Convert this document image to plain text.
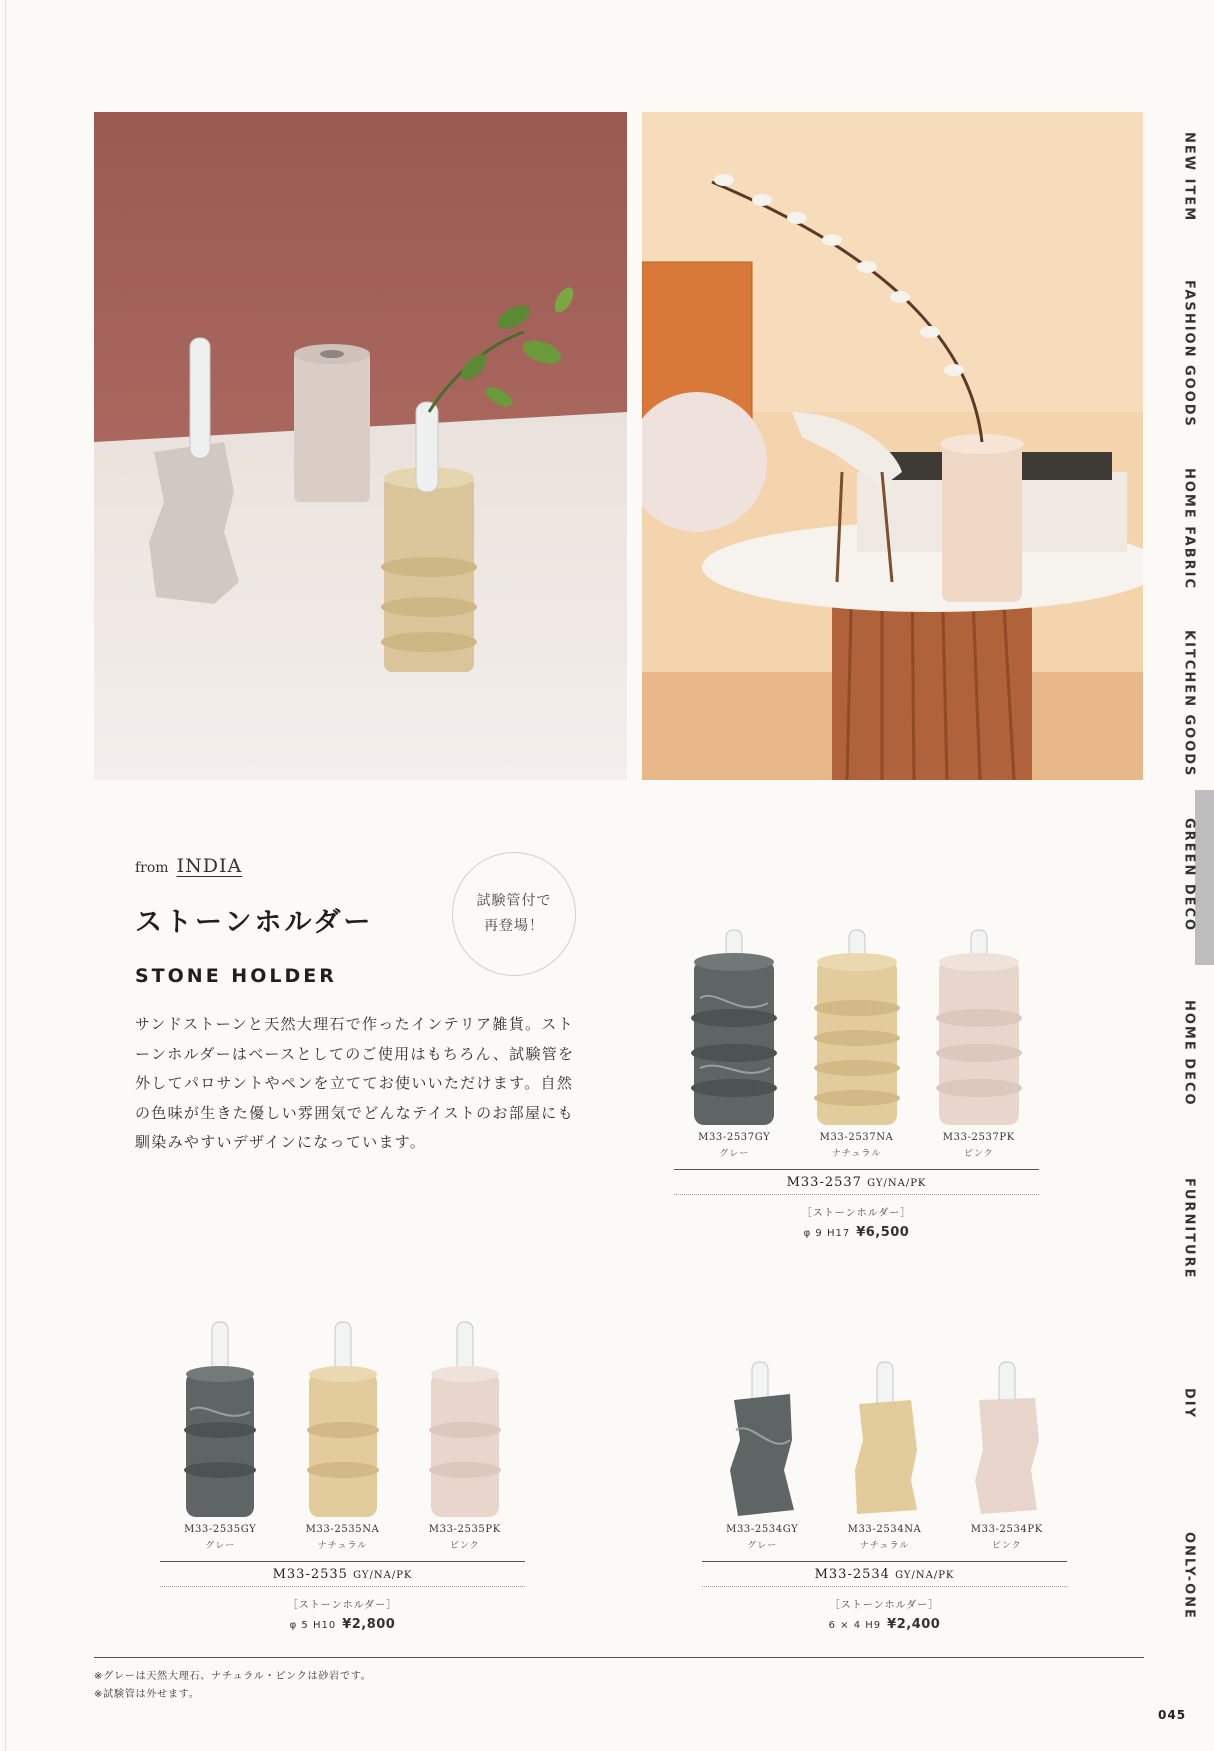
NEW ITEM
FASHION GOODS
HOME FABRIC
KITCHEN GOODS
GREEN DECO
HOME DECO
FURNITURE
DIY
ONLY-ONE
from INDIA
ストーンホルダー
STONE HOLDER
試験管付で
再登場！
サンドストーンと天然大理石で作ったインテリア雑貨。ストーンホルダーはベースとしてのご使用はもちろん、試験管を外してパロサントやペンを立ててお使いいただけます。自然の色味が生きた優しい雰囲気でどんなテイストのお部屋にも馴染みやすいデザインになっています。	M33-2537GY
グレー
M33-2537NA
ナチュラル
M33-2537PK
ピンク
M33-2537 GY/NA/PK
［ストーンホルダー］
φ 9 H17 ¥6,500
M33-2535GY
グレー
M33-2535NA
ナチュラル
M33-2535PK
ピンク
M33-2535 GY/NA/PK
［ストーンホルダー］
φ 5 H10 ¥2,800
M33-2534GY
グレー
M33-2534NA
ナチュラル
M33-2534PK
ピンク
M33-2534 GY/NA/PK
［ストーンホルダー］
6 × 4 H9 ¥2,400
※グレーは天然大理石、ナチュラル・ピンクは砂岩です。
※試験管は外せます。
045
